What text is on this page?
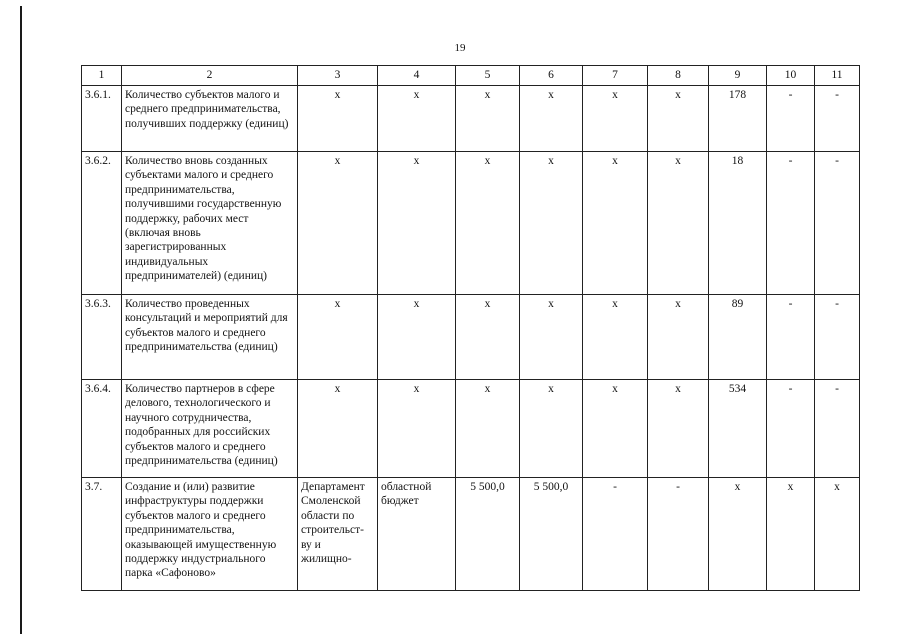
19
1	2	3	4	5	6	7	8	9	10	11
3.6.1.	Количество субъектов малого и среднего предпринимательства, получивших поддержку (единиц)	х	х	х	х	х	х	178	-	-
3.6.2.	Количество вновь созданных субъектами малого и среднего предпринимательства, получившими государственную поддержку, рабочих мест (включая вновь зарегистрированных индивидуальных предпринимателей) (единиц)	х	х	х	х	х	х	18	-	-
3.6.3.	Количество проведенных консультаций и мероприятий для субъектов малого и среднего предпринимательства (единиц)	х	х	х	х	х	х	89	-	-
3.6.4.	Количество партнеров в сфере делового, технологического и научного сотрудничества, подобранных для российских субъектов малого и среднего предпринимательства (единиц)	х	х	х	х	х	х	534	-	-
3.7.	Создание и (или) развитие инфраструктуры поддержки субъектов малого и среднего предпринимательства, оказывающей имущественную поддержку индустриального парка «Сафоново»	Департамент Смоленской области по строительст-ву и жилищно-	областной бюджет	5 500,0	5 500,0	-	-	х	х	х
